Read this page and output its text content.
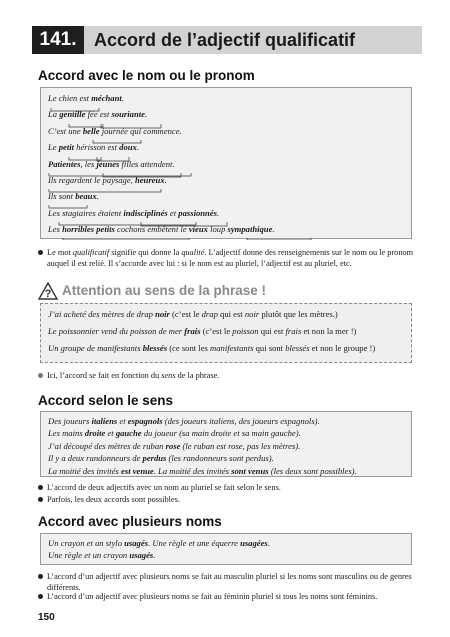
141. Accord de l’adjectif qualificatif
Accord avec le nom ou le pronom
Le chien est méchant.
La gentille fée est souriante.
C’est une belle journée qui commence.
Le petit hérisson est doux.
Patientes, les jeunes filles attendent.
Ils regardent le paysage, heureux.
Ils sont beaux.
Les stagiaires étaient indisciplinés et passionnés.
Les horribles petits cochons embêtent le vieux loup sympathique.
Le mot qualificatif signifie qui donne la qualité. L’adjectif donne des renseignements sur le nom ou le pronom auquel il est relié. Il s’accorde avec lui : si le nom est au pluriel, l’adjectif est au pluriel, etc.
? Attention au sens de la phrase !
J’ai acheté des mètres de drap noir (c’est le drap qui est noir plutôt que les mètres.)
Le poissonnier vend du poisson de mer frais (c’est le poisson qui est frais et non la mer !)
Un groupe de manifestants blessés (ce sont les manifestants qui sont blessés et non le groupe !)
Ici, l’accord se fait en fonction du sens de la phrase.
Accord selon le sens
Des joueurs italiens et espagnols (des joueurs italiens, des joueurs espagnols).
Les mains droite et gauche du joueur (sa main droite et sa main gauche).
J’ai découpé des mètres de ruban rose (le ruban est rose, pas les mètres).
Il y a deux randonneurs de perdus (les randonneurs sont perdus).
La moitié des invités est venue. La moitié des invités sont venus (les deux sont possibles).
L’accord de deux adjectifs avec un nom au pluriel se fait selon le sens.
Parfois, les deux accords sont possibles.
Accord avec plusieurs noms
Un crayon et un stylo usagés. Une règle et une équerre usagées.
Une règle et un crayon usagés.
L’accord d’un adjectif avec plusieurs noms se fait au masculin pluriel si les noms sont masculins ou de genres différents.
L’accord d’un adjectif avec plusieurs noms se fait au féminin pluriel si tous les noms sont féminins.
150
